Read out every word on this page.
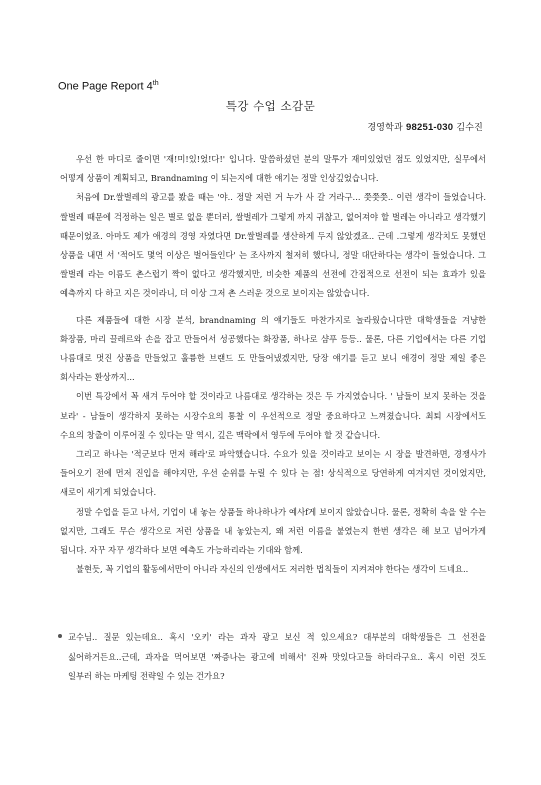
One Page Report 4th
특강 수업 소감문
경영학과 98251-030 김수진

우선 한 마디로 줄이면 '재!미!있!었!다!' 입니다. 말씀하셨던 분의 말투가 재미있었던 점도 있었지만, 실무에서 어떻게 상품이 계획되고, Brandnaming 이 되는지에 대한 얘기는 정말 인상깊었습니다.

처음에 Dr.쌀벌레의 광고를 봤을 때는 '야.. 정말 저런 거 누가 사 갈 거라구... 쯧쯧쯧.. 이런 생각이 들었습니다. 쌀벌레 때문에 걱정하는 일은 별로 없을 뿐더러, 쌀벌레가 그렇게 까지 귀찮고, 없어져야 할 벌레는 아니라고 생각했기 때문이었죠. 아마도 제가 애경의 경영 자였다면 Dr.쌀벌레를 생산하게 두지 않았겠죠.. 근데 .그렇게 생각치도 못했던 상품을 내면 서 '적어도 몇억 이상은 벌어들인다' 는 조사까지 철저히 했다니, 정말 대단하다는 생각이 들었습니다. 그 쌀벌레 라는 이름도 촌스럽기 짝이 없다고 생각했지만, 비슷한 제품의 선전에 간접적으로 선전이 되는 효과가 있을 예측까지 다 하고 지은 것이라니, 더 이상 그저 촌 스러운 것으로 보이지는 않았습니다.

다른 제품들에 대한 시장 분석, brandnaming 의 얘기들도 마찬가지로 놀라웠습니다만 대학생들을 겨냥한 화장품, 마리 끌레르와 손을 잡고 만들어서 성공했다는 화장품, 하나로 샴푸 등등.. 물론, 다른 기업에서는 다른 기업 나름대로 멋진 상품을 만들었고 훌륭한 브랜드 도 만들어냈겠지만, 당장 얘기를 듣고 보니 애경이 정말 제일 좋은 회사라는 환상까지...

이번 특강에서 꼭 새겨 두어야 할 것이라고 나름대로 생각하는 것은 두 가지였습니다. ' 남들이 보지 못하는 것을 보라' - 남들이 생각하지 못하는 시장수요의 통찰 이 우선적으로 정말 중요하다고 느껴졌습니다. 최퇴 시장에서도 수요의 창출이 이루어질 수 있다는 말 역시, 깊은 맥락에서 영두에 두어야 할 것 같습니다.

그리고 하나는 '적군보다 먼저 해라'로 파악했습니다. 수요가 있을 것이라고 보이는 시 장을 발견하면, 경쟁사가 들어오기 전에 먼저 진입을 해야지만, 우선 순위를 누릴 수 있다 는 점! 상식적으로 당연하게 여겨지던 것이었지만, 새로이 새기게 되었습니다.

정말 수업을 듣고 나서, 기업이 내 놓는 상품들 하나하나가 예사f게 보이지 않았습니다. 물론, 정확히 속을 알 수는 없지만, 그래도 무슨 생각으로 저런 상품을 내 놓았는지, 왜 저런 이름을 붙였는지 한번 생각은 해 보고 넘어가게 됩니다. 자꾸 자꾸 생각하다 보면 예측도 가능하리라는 기대와 함께.

불현듯, 꼭 기업의 활동에서만이 아니라 자신의 인생에서도 저러한 법칙들이 지켜져야 한다는 생각이 드네요..

교수님.. 질문 있는데요.. 혹시 '오키' 라는 과자 광고 보신 적 있으세요? 대부분의 대학생들은 그 선전을 싫어하거든요..근데, 과자을 먹어보면 '짜증나는 광고에 비해서' 진짜 맛있다고들 하더라구요.. 혹시 이런 것도 일부러 하는 마케팅 전략일 수 있는 건가요?
